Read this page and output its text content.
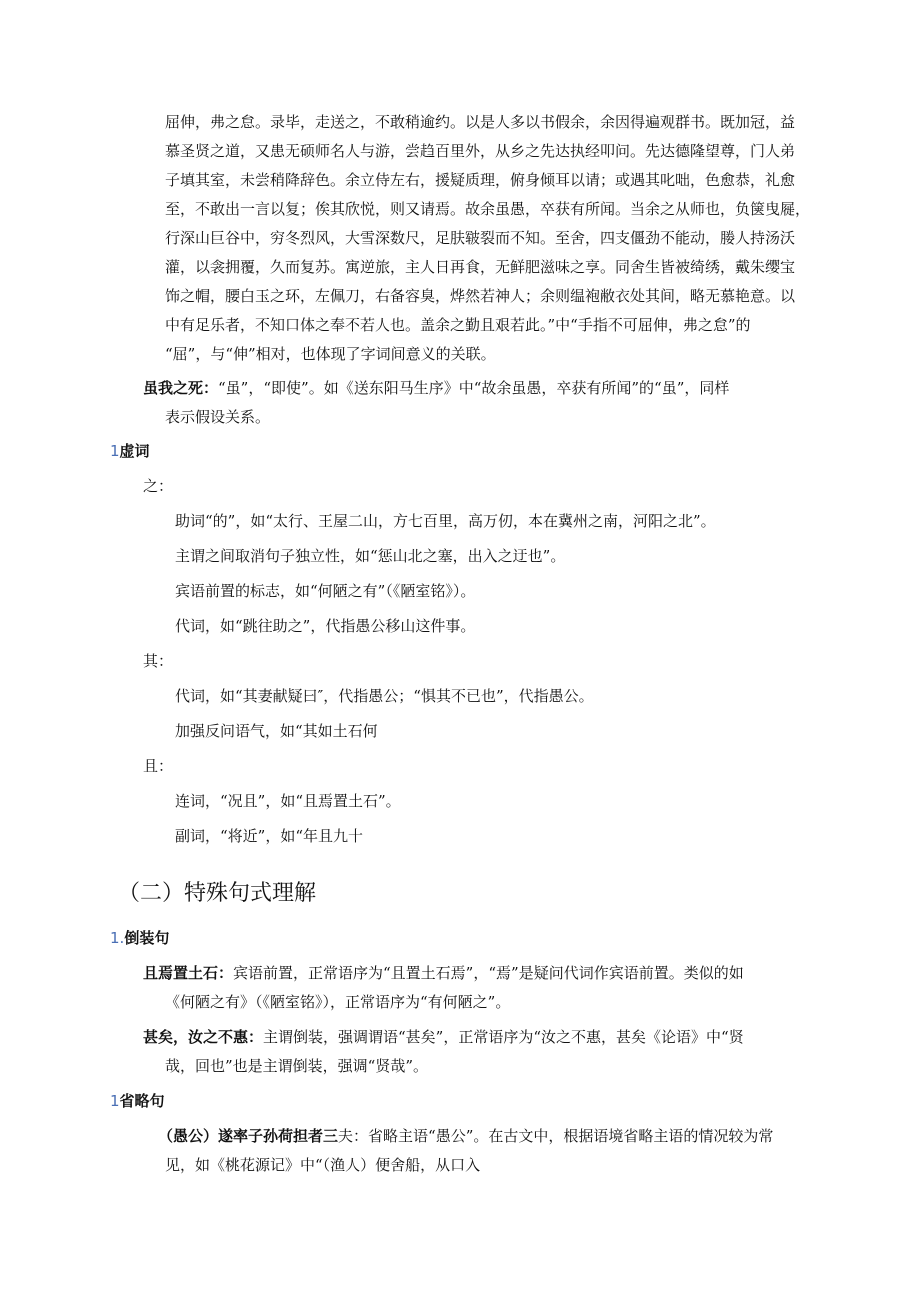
屈伸，弗之怠。录毕，走送之，不敢稍逾约。以是人多以书假余，余因得遍观群书。既加冠，益
慕圣贤之道，又患无硕师名人与游，尝趋百里外，从乡之先达执经叩问。先达德隆望尊，门人弟
子填其室，未尝稍降辞色。余立侍左右，援疑质理，俯身倾耳以请；或遇其叱咄，色愈恭，礼愈
至，不敢出一言以复；俟其欣悦，则又请焉。故余虽愚，卒获有所闻。当余之从师也，负箧曳屣，
行深山巨谷中，穷冬烈风，大雪深数尺，足肤皲裂而不知。至舍，四支僵劲不能动，媵人持汤沃
灌，以衾拥覆，久而复苏。寓逆旅，主人日再食，无鲜肥滋味之享。同舍生皆被绮绣，戴朱缨宝
饰之帽，腰白玉之环，左佩刀，右备容臭，烨然若神人；余则缊袍敝衣处其间，略无慕艳意。以
中有足乐者，不知口体之奉不若人也。盖余之勤且艰若此。”中“手指不可屈伸，弗之怠”的
“屈”，与“伸”相对，也体现了字词间意义的关联。
虽我之死：“虽”，“即使”。如《送东阳马生序》中“故余虽愚，卒获有所闻”的“虽”，同样
表示假设关系。
1虚词
之：
助词“的”，如“太行、王屋二山，方七百里，高万仞，本在冀州之南，河阳之北”。
主谓之间取消句子独立性，如“惩山北之塞，出入之迂也”。
宾语前置的标志，如“何陋之有”（《陋室铭》）。
代词，如“跳往助之”，代指愚公移山这件事。
其：
代词，如“其妻献疑曰″，代指愚公；“惧其不已也”，代指愚公。
加强反问语气，如“其如土石何
且：
连词，“况且”，如“且焉置土石”。
副词，“将近”，如“年且九十
（二）特殊句式理解
1.倒装句
且焉置土石：宾语前置，正常语序为“且置土石焉”，“焉”是疑问代词作宾语前置。类似的如
《何陋之有》（《陋室铭》），正常语序为“有何陋之”。
甚矣，汝之不惠：主谓倒装，强调谓语“甚矣”，正常语序为“汝之不惠，甚矣《论语》中“贤
哉，回也”也是主谓倒装，强调“贤哉”。
1省略句
（愚公）遂率子孙荷担者三夫：省略主语“愚公”。在古文中，根据语境省略主语的情况较为常
见，如《桃花源记》中“（渔人）便舍船，从口入
